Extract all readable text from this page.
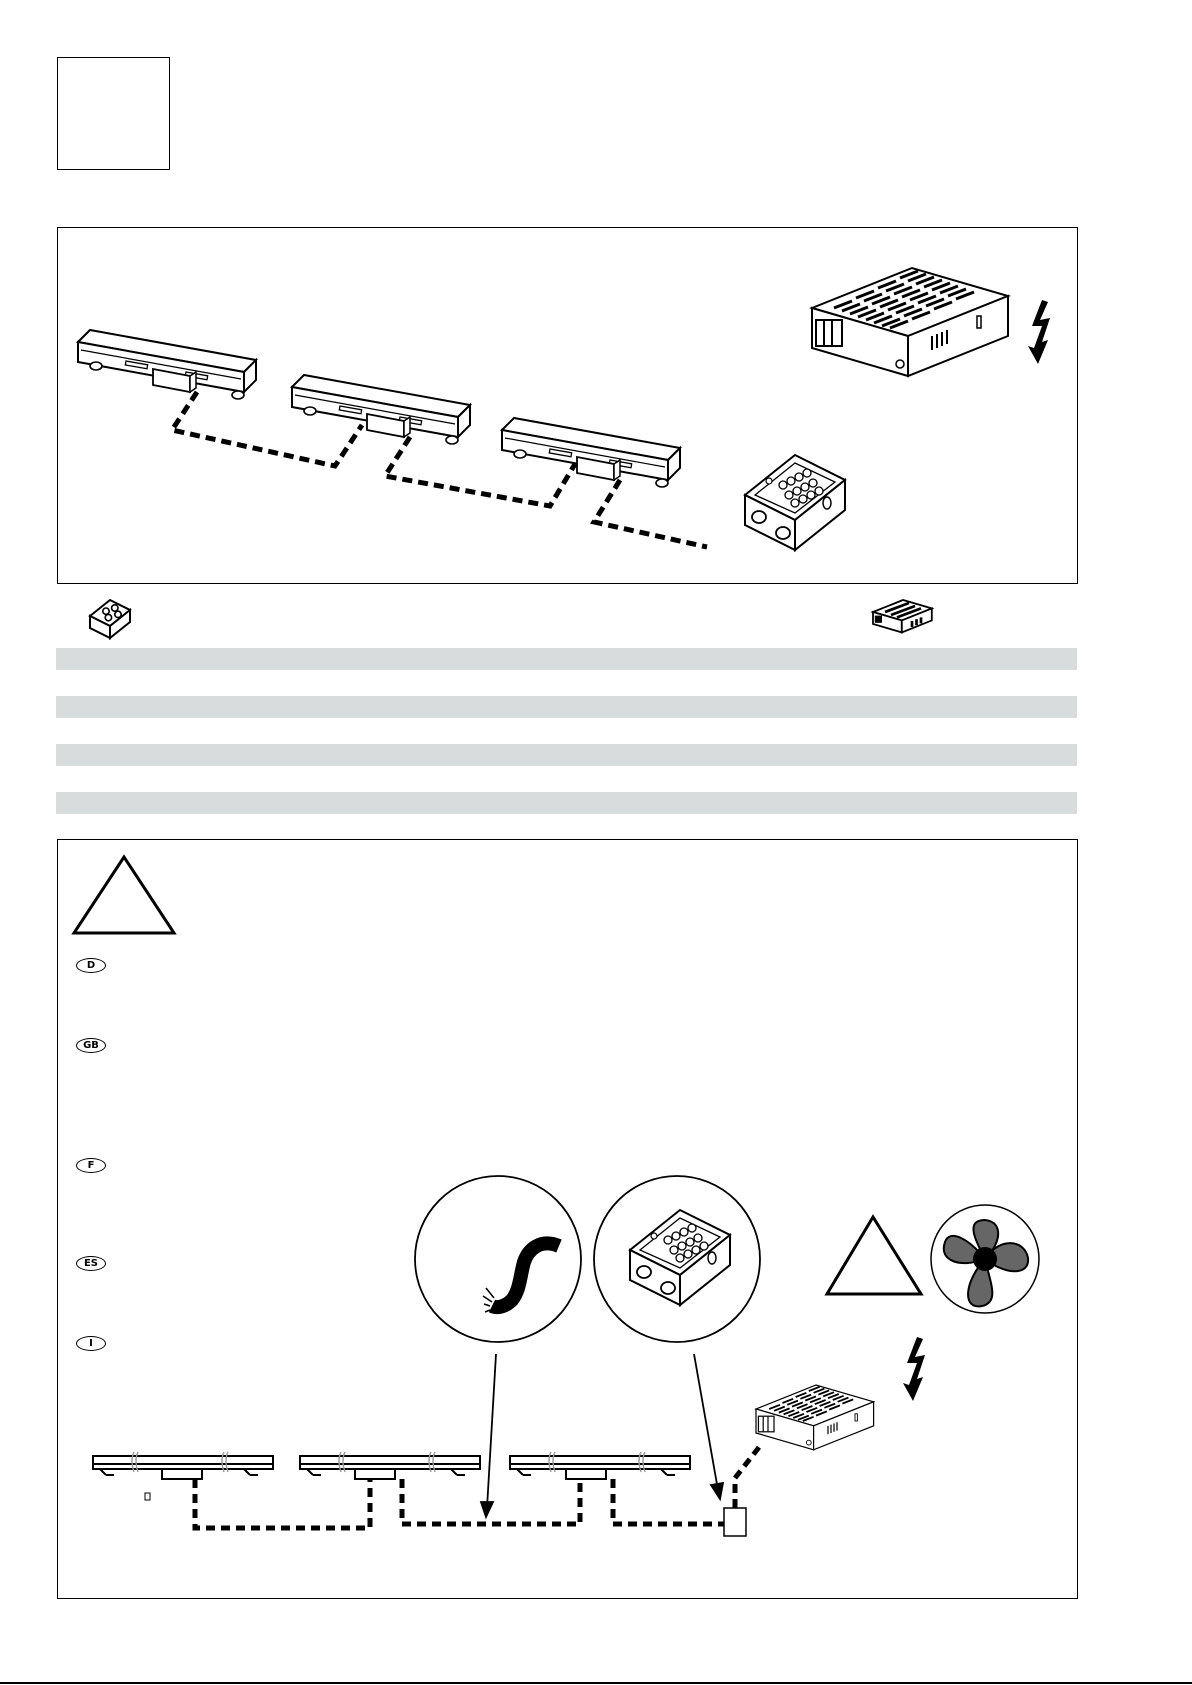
D
GB
F
ES
I
